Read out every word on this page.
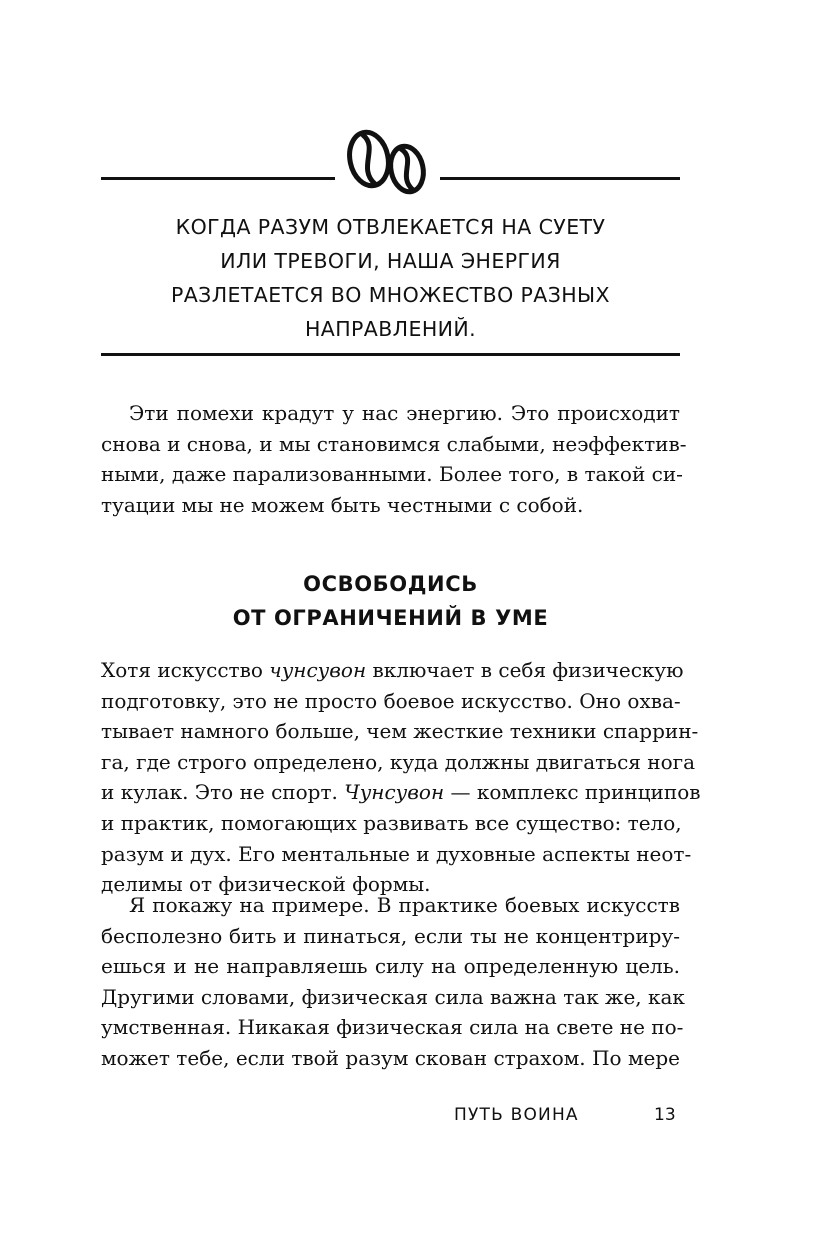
КОГДА РАЗУМ ОТВЛЕКАЕТСЯ НА СУЕТУ
ИЛИ ТРЕВОГИ, НАША ЭНЕРГИЯ
РАЗЛЕТАЕТСЯ ВО МНОЖЕСТВО РАЗНЫХ
НАПРАВЛЕНИЙ.
Эти помехи крадут у нас энергию. Это происходит
снова и снова, и мы становимся слабыми, неэффектив-
ными, даже парализованными. Более того, в такой си-
туации мы не можем быть честными с собой.
ОСВОБОДИСЬ
ОТ ОГРАНИЧЕНИЙ В УМЕ
Хотя искусство чунсувон включает в себя физическую
подготовку, это не просто боевое искусство. Оно охва-
тывает намного больше, чем жесткие техники спаррин-
га, где строго определено, куда должны двигаться нога
и кулак. Это не спорт. Чунсувон — комплекс принципов
и практик, помогающих развивать все существо: тело,
разум и дух. Его ментальные и духовные аспекты неот-
делимы от физической формы.
Я покажу на примере. В практике боевых искусств
бесполезно бить и пинаться, если ты не концентриру-
ешься и не направляешь силу на определенную цель.
Другими словами, физическая сила важна так же, как
умственная. Никакая физическая сила на свете не по-
может тебе, если твой разум скован страхом. По мере

ПУТЬ ВОИНА	13
